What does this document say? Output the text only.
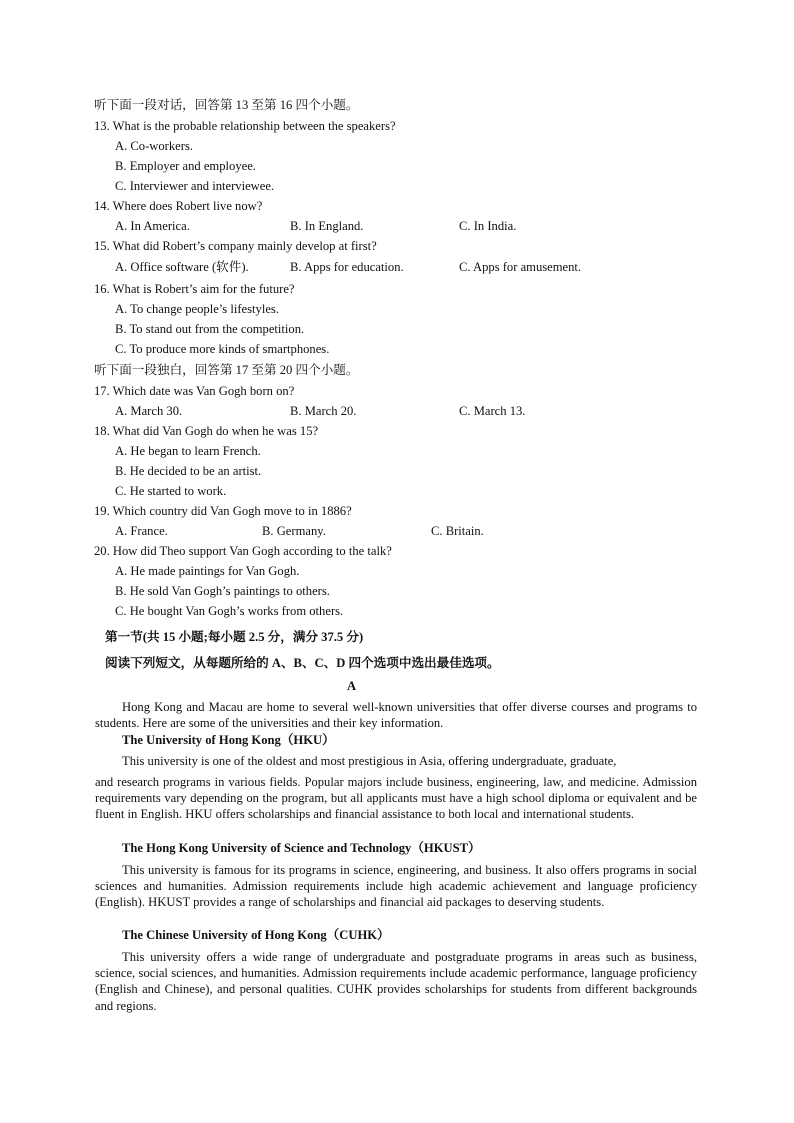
听下面一段对话，回答第 13 至第 16 四个小题。
13. What is the probable relationship between the speakers?
A. Co-workers.
B. Employer and employee.
C. Interviewer and interviewee.
14. Where does Robert live now?
A. In America.	B. In England.	C. In India.
15. What did Robert’s company mainly develop at first?
A. Office software (软件).	B. Apps for education.	C. Apps for amusement.
16. What is Robert’s aim for the future?
A. To change people’s lifestyles.
B. To stand out from the competition.
C. To produce more kinds of smartphones.
听下面一段独白，回答第 17 至第 20 四个小题。
17. Which date was Van Gogh born on?
A. March 30.	B. March 20.	C. March 13.
18. What did Van Gogh do when he was 15?
A. He began to learn French.
B. He decided to be an artist.
C. He started to work.
19. Which country did Van Gogh move to in 1886?
A. France.	B. Germany.	C. Britain.
20. How did Theo support Van Gogh according to the talk?
A. He made paintings for Van Gogh.
B. He sold Van Gogh’s paintings to others.
C. He bought Van Gogh’s works from others.
第一节(共 15 小题;每小题 2.5 分，满分 37.5 分)
阅读下列短文，从每题所给的 A、B、C、D 四个选项中选出最佳选项。
A

Hong Kong and Macau are home to several well-known universities that offer diverse courses and programs to students. Here are some of the universities and their key information.

The University of Hong Kong（HKU）
This university is one of the oldest and most prestigious in Asia, offering undergraduate, graduate,

and research programs in various fields. Popular majors include business, engineering, law, and medicine. Admission requirements vary depending on the program, but all applicants must have a high school diploma or equivalent and be fluent in English. HKU offers scholarships and financial assistance to both local and international students.

The Hong Kong University of Science and Technology（HKUST）

This university is famous for its programs in science, engineering, and business. It also offers programs in social sciences and humanities. Admission requirements include high academic achievement and language proficiency (English). HKUST provides a range of scholarships and financial aid packages to deserving students.

The Chinese University of Hong Kong（CUHK）

This university offers a wide range of undergraduate and postgraduate programs in areas such as business, science, social sciences, and humanities. Admission requirements include academic performance, language proficiency (English and Chinese), and personal qualities. CUHK provides scholarships for students from different backgrounds and regions.
